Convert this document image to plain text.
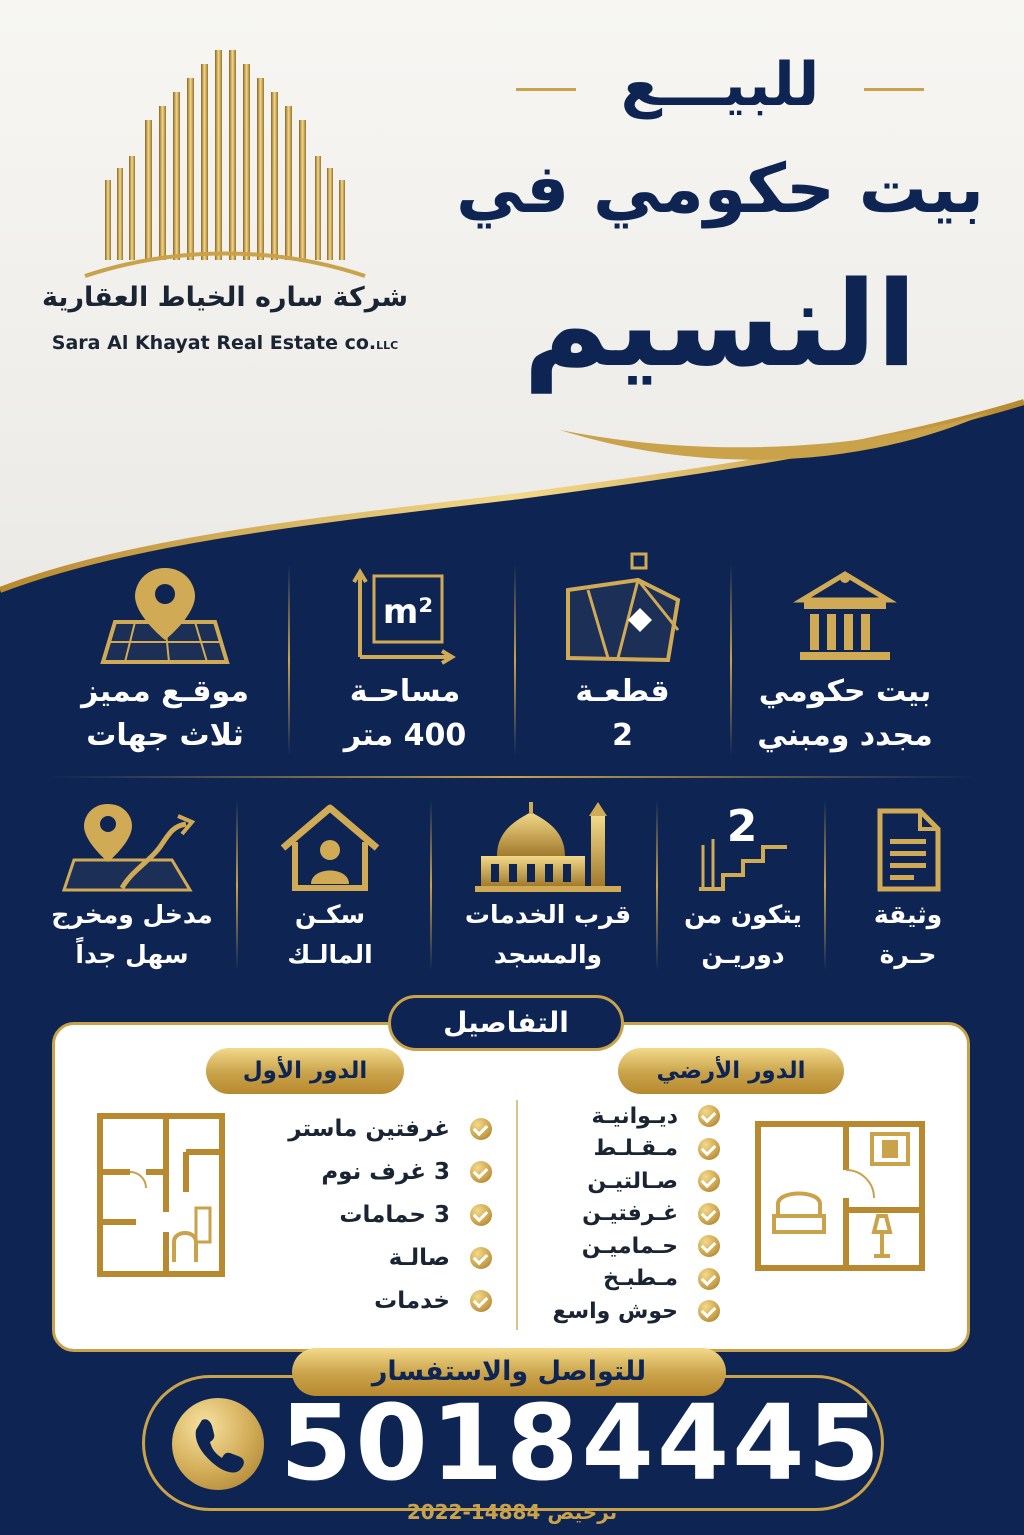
شركة ساره الخياط العقارية
Sara Al Khayat Real Estate co.LLC
للبيـــع
بيت حكومي في
النسيم
بيت حكومي
مجدد ومبني
قطعـة
2
m²
مساحـة
400 متر
موقـع مميز
ثلاث جهات
وثيقة
حـرة
2
يتكون من
دوريـن
قرب الخدمات
والمسجد
سكـن
المالـك
مدخل ومخرج
سهل جداً
التفاصيل
الدور الأرضي
الدور الأول
ديـوانيـة
مـقـلـط
صـالتيـن
غـرفتيـن
حـماميـن
مـطبـخ
حوش واسع
غرفتين ماستر
3 غرف نوم
3 حمامات
صالـة
خدمات
للتواصل والاستفسار
50184445
ترخيص 14884-2022
